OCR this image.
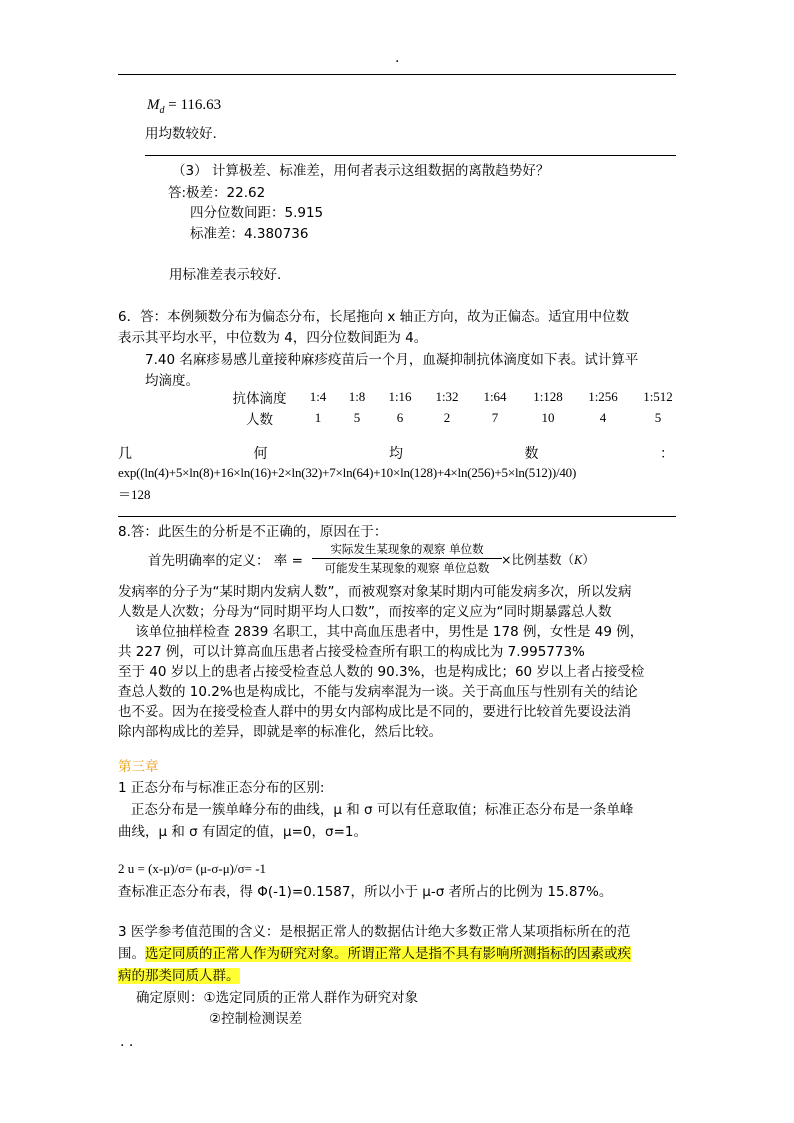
.
$M_d = 116.63$
用均数较好.
（3） 计算极差、标准差，用何者表示这组数据的离散趋势好？
答:极差：22.62
四分位数间距：5.915
标准差：4.380736
用标准差表示较好.
6．答：本例频数分布为偏态分布，长尾拖向 x 轴正方向，故为正偏态。适宜用中位数
表示其平均水平，中位数为 4，四分位数间距为 4。
7.40 名麻疹易感儿童接种麻疹疫苗后一个月，血凝抑制抗体滴度如下表。试计算平
均滴度。
抗体滴度	1:4	1:8	1:16	1:32	1:64	1:128	1:256	1:512
人数	1	5	6	2	7	10	4	5
几	何	均	数	：
exp((ln(4)+5×ln(8)+16×ln(16)+2×ln(32)+7×ln(64)+10×ln(128)+4×ln(256)+5×ln(512))/40)
＝128
8.答：此医生的分析是不正确的，原因在于：
首先明确率的定义： 率 =
实际发生某现象的观察 单位数
可能发生某现象的观察 单位总数
×比例基数（K）
发病率的分子为“某时期内发病人数”，而被观察对象某时期内可能发病多次，所以发病
人数是人次数；分母为“同时期平均人口数”，而按率的定义应为“同时期暴露总人数
该单位抽样检查 2839 名职工，其中高血压患者中，男性是 178 例，女性是 49 例，
共 227 例，可以计算高血压患者占接受检查所有职工的构成比为 7.995773%
至于 40 岁以上的患者占接受检查总人数的 90.3%，也是构成比；60 岁以上者占接受检
查总人数的 10.2%也是构成比，不能与发病率混为一谈。关于高血压与性别有关的结论
也不妥。因为在接受检查人群中的男女内部构成比是不同的，要进行比较首先要设法消
除内部构成比的差异，即就是率的标准化，然后比较。
第三章
1 正态分布与标准正态分布的区别:
正态分布是一簇单峰分布的曲线，μ 和 σ 可以有任意取值；标准正态分布是一条单峰
曲线，μ 和 σ 有固定的值，μ=0，σ=1。
2 u = (x-μ)/σ= (μ-σ-μ)/σ= -1
查标准正态分布表，得 Φ(-1)=0.1587，所以小于 μ-σ 者所占的比例为 15.87%。
3 医学参考值范围的含义：是根据正常人的数据估计绝大多数正常人某项指标所在的范
围。选定同质的正常人作为研究对象。所谓正常人是指不具有影响所测指标的因素或疾
病的那类同质人群。
确定原则：①选定同质的正常人群作为研究对象
②控制检测误差
. .
